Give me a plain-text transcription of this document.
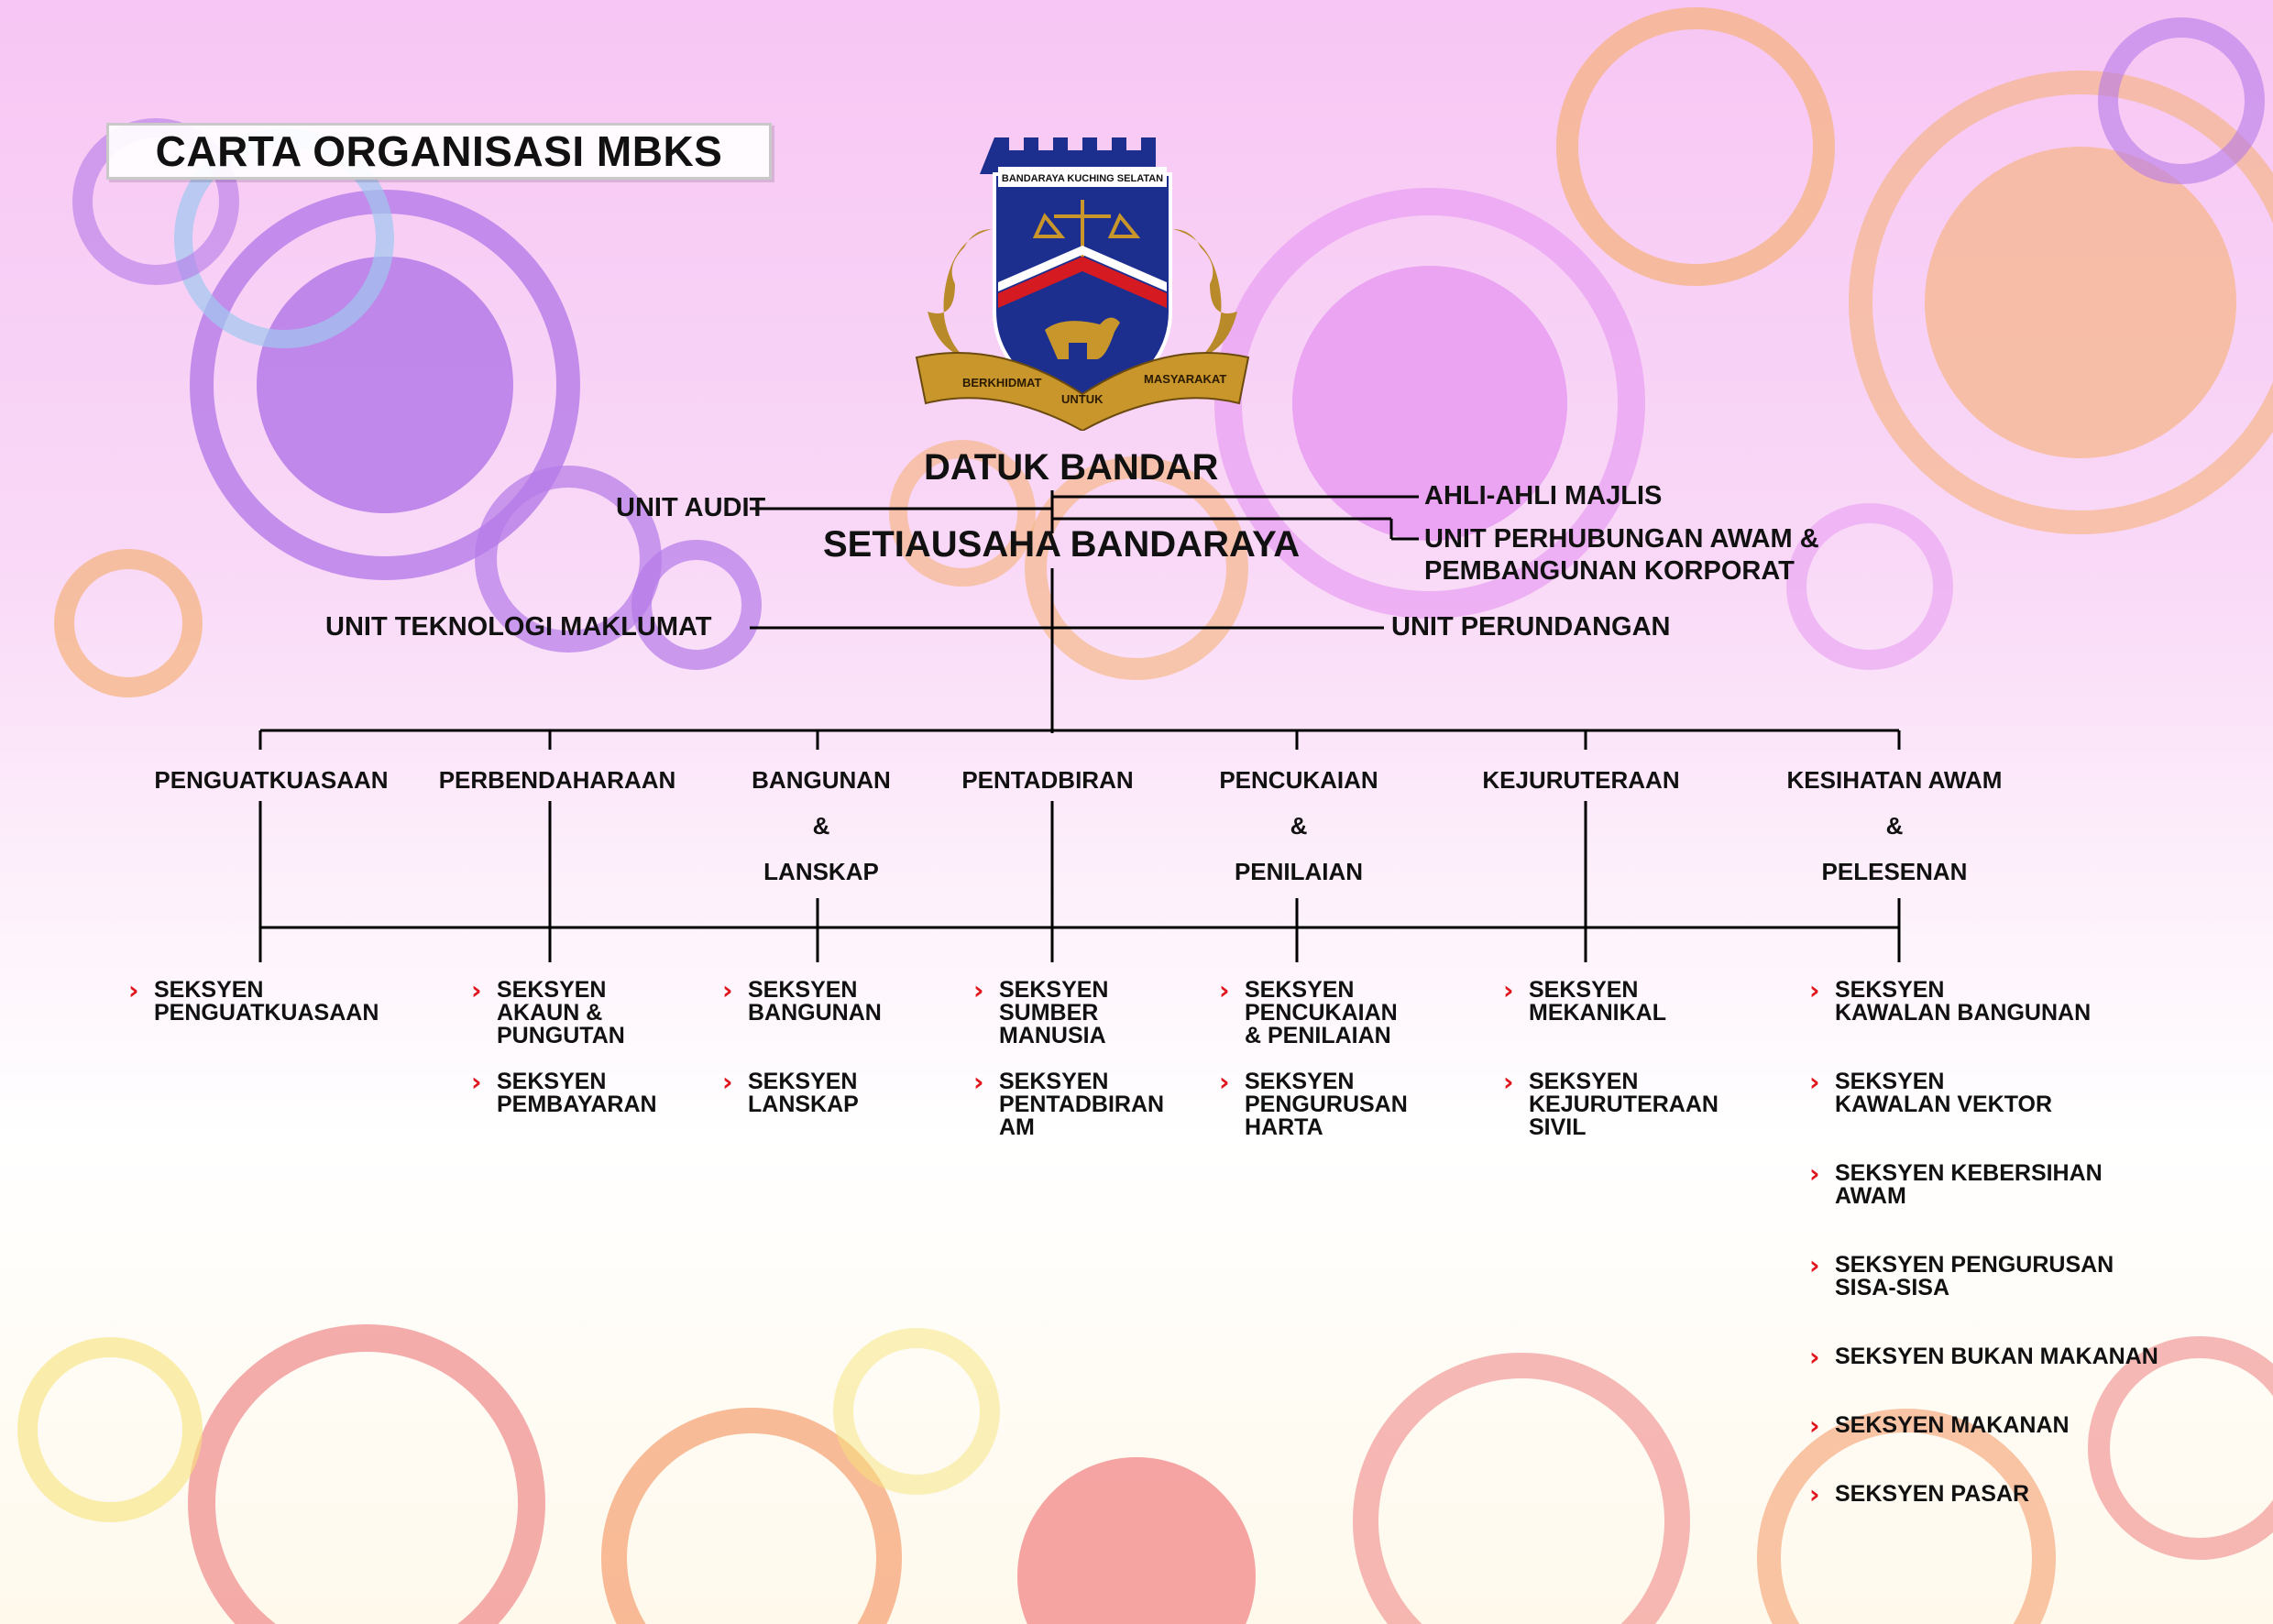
CARTA ORGANISASI MBKS
BANDARAYA KUCHING SELATAN
BERKHIDMAT
UNTUK
MASYARAKAT
DATUK BANDAR
SETIAUSAHA BANDARAYA
UNIT AUDIT	AHLI-AHLI MAJLIS
UNIT PERHUBUNGAN AWAM &
PEMBANGUNAN KORPORAT
UNIT TEKNOLOGI MAKLUMAT	UNIT PERUNDANGAN
PENGUATKUASAAN	PERBENDAHARAAN	BANGUNAN
&
LANSKAP
PENTADBIRAN	PENCUKAIAN
&
PENILAIAN
KEJURUTERAAN	KESIHATAN AWAM
&
PELESENAN
› SEKSYEN
PENGUATKUASAAN
› SEKSYEN
AKAUN &
PUNGUTAN
› SEKSYEN
PEMBAYARAN
› SEKSYEN
BANGUNAN
› SEKSYEN
LANSKAP
› SEKSYEN
SUMBER
MANUSIA
› SEKSYEN
PENTADBIRAN
AM
› SEKSYEN
PENCUKAIAN
& PENILAIAN
› SEKSYEN
PENGURUSAN
HARTA
› SEKSYEN
MEKANIKAL
› SEKSYEN
KEJURUTERAAN
SIVIL
› SEKSYEN
KAWALAN BANGUNAN
› SEKSYEN
KAWALAN VEKTOR
› SEKSYEN KEBERSIHAN
AWAM
› SEKSYEN PENGURUSAN
SISA-SISA
› SEKSYEN BUKAN MAKANAN
› SEKSYEN MAKANAN
› SEKSYEN PASAR
